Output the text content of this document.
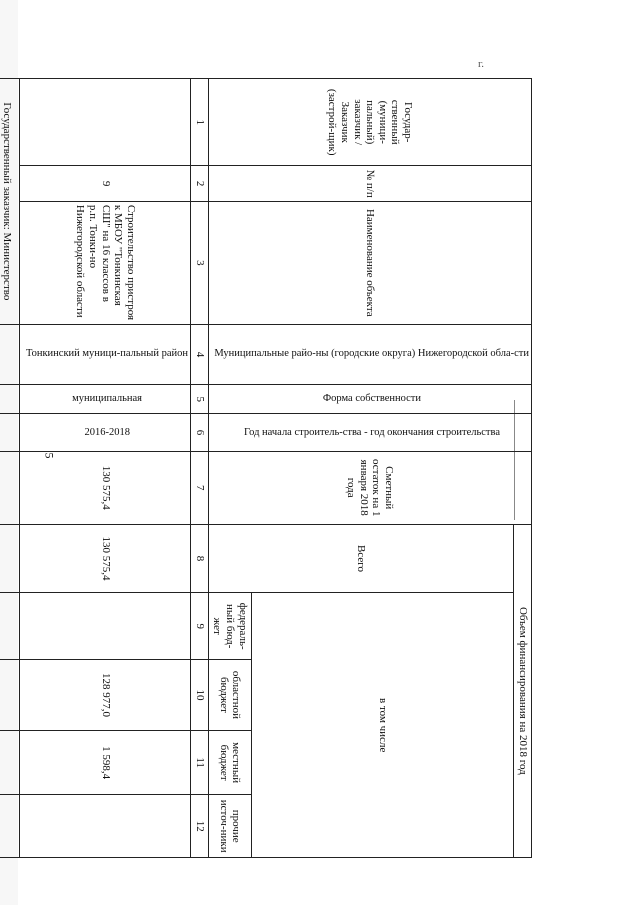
5
г.
Государ-ственный (муници-пальный) заказчик / Заказчик (застрой-щик)	№ п/п	Наименование объекта	Муниципальные райо-ны (городские округа) Нижегородской обла-сти	Форма собственности	Год начала строитель-ства - год окончания строительства	Сметный остаток на 1 января 2018 года	Объем финансирования на 2018 год				
							Всего	в том числе			
								федераль-ный бюд-жет	областной бюджет	местный бюджет	прочие источ-ники
1	2	3	4	5	6	7	8	9	10	11	12
	9	Строительство пристроя к МБОУ "Тонкинская СШ" на 16 классов в р.п. Тонки-но Нижегородской области	Тонкинский муници-пальный район	муниципальная	2016-2018	130 575,4	130 575,4		128 977,0	1 598,4	
Государственный заказчик: Министерство									
